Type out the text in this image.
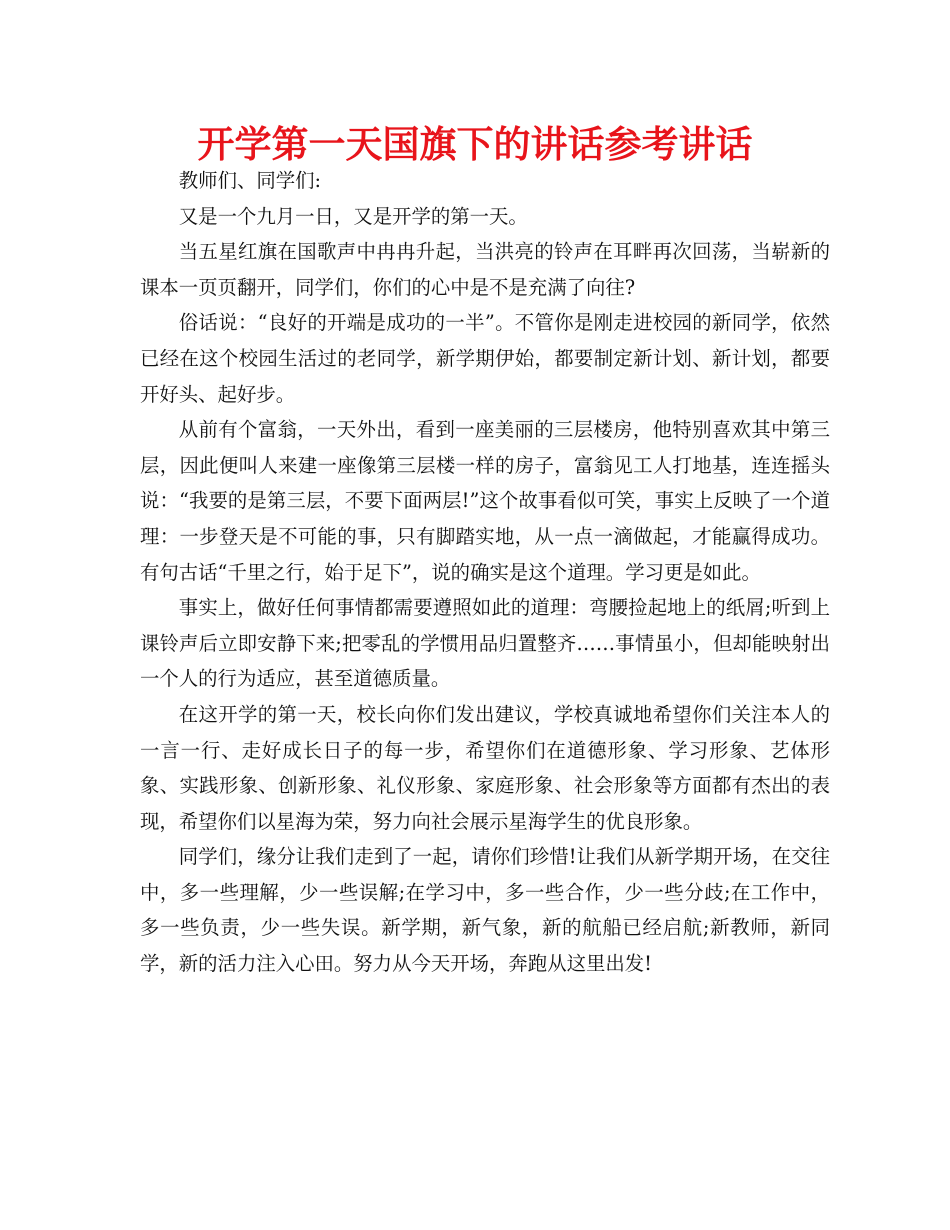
开学第一天国旗下的讲话参考讲话

教师们、同学们:

又是一个九月一日，又是开学的第一天。

当五星红旗在国歌声中冉冉升起，当洪亮的铃声在耳畔再次回荡，当崭新的课本一页页翻开，同学们，你们的心中是不是充满了向往?

俗话说：“良好的开端是成功的一半”。不管你是刚走进校园的新同学，依然已经在这个校园生活过的老同学，新学期伊始，都要制定新计划、新计划，都要开好头、起好步。

从前有个富翁，一天外出，看到一座美丽的三层楼房，他特别喜欢其中第三层，因此便叫人来建一座像第三层楼一样的房子，富翁见工人打地基，连连摇头说：“我要的是第三层，不要下面两层!”这个故事看似可笑，事实上反映了一个道理：一步登天是不可能的事，只有脚踏实地，从一点一滴做起，才能赢得成功。有句古话“千里之行，始于足下”，说的确实是这个道理。学习更是如此。

事实上，做好任何事情都需要遵照如此的道理：弯腰捡起地上的纸屑;听到上课铃声后立即安静下来;把零乱的学惯用品归置整齐……事情虽小，但却能映射出一个人的行为适应，甚至道德质量。

在这开学的第一天，校长向你们发出建议，学校真诚地希望你们关注本人的一言一行、走好成长日子的每一步，希望你们在道德形象、学习形象、艺体形象、实践形象、创新形象、礼仪形象、家庭形象、社会形象等方面都有杰出的表现，希望你们以星海为荣，努力向社会展示星海学生的优良形象。

同学们，缘分让我们走到了一起，请你们珍惜!让我们从新学期开场，在交往中，多一些理解，少一些误解;在学习中，多一些合作，少一些分歧;在工作中，多一些负责，少一些失误。新学期，新气象，新的航船已经启航;新教师，新同学，新的活力注入心田。努力从今天开场，奔跑从这里出发!
